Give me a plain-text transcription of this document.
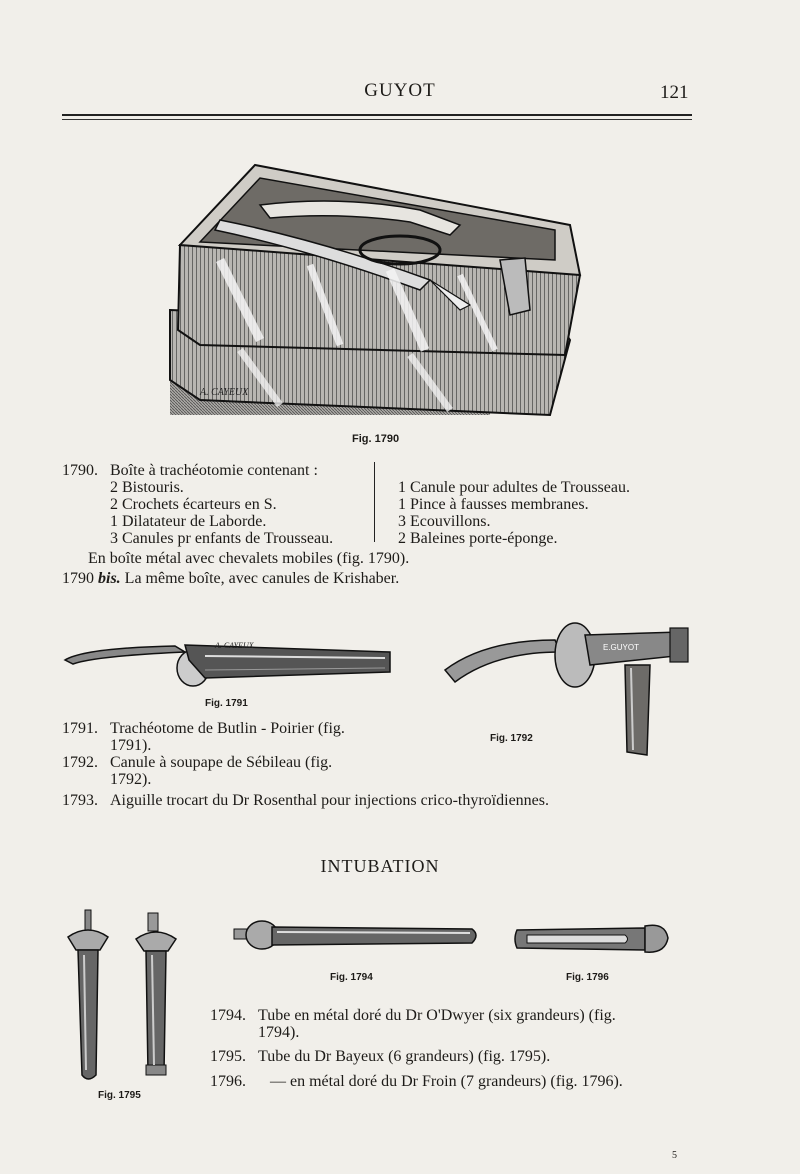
GUYOT	121
A. CAYEUX
Fig. 1790
1790. Boîte à trachéotomie contenant :
2 Bistouris.
2 Crochets écarteurs en S.
1 Dilatateur de Laborde.
3 Canules pr enfants de Trousseau.
1 Canule pour adultes de Trousseau.
1 Pince à fausses membranes.
3 Ecouvillons.
2 Baleines porte-éponge.
En boîte métal avec chevalets mobiles (fig. 1790).
1790 bis. La même boîte, avec canules de Krishaber.
A. CAYEUX
Fig. 1791
E.GUYOT
Fig. 1792
1791. Trachéotome de Butlin - Poirier (fig.
1791).
1792. Canule à soupape de Sébileau (fig.
1792).
1793. Aiguille trocart du Dr Rosenthal pour injections crico-thyroïdiennes.
INTUBATION
Fig. 1795
Fig. 1794	Fig. 1796
1794. Tube en métal doré du Dr O'Dwyer (six grandeurs) (fig.
1794).
1795. Tube du Dr Bayeux (6 grandeurs) (fig. 1795).
1796. — en métal doré du Dr Froin (7 grandeurs) (fig. 1796).
5
